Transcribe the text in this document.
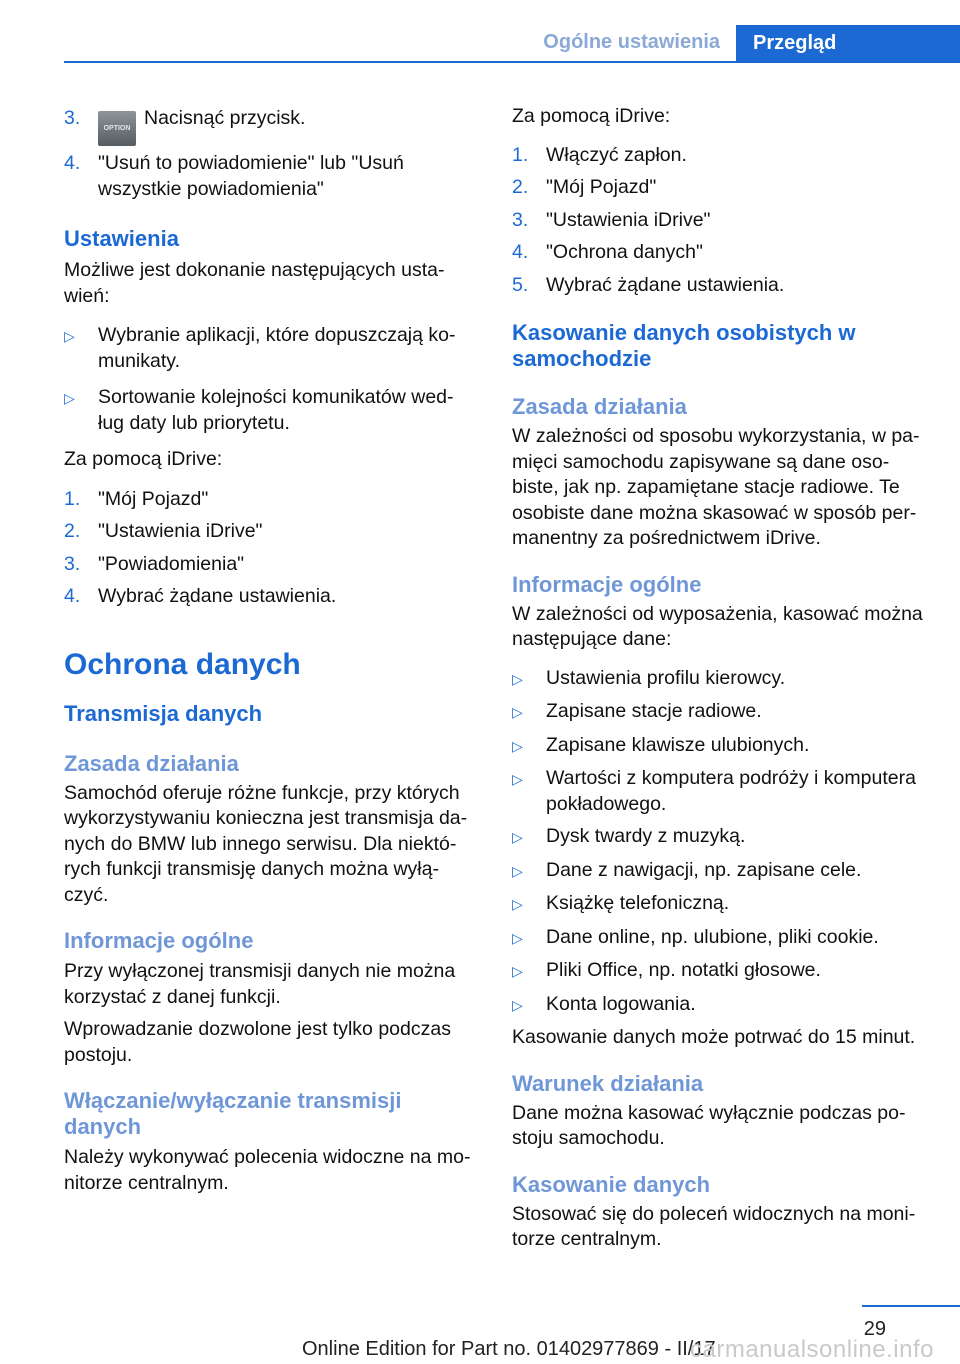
Ogólne ustawienia	Przegląd
3.	OPTION Nacisnąć przycisk.
4. "Usuń to powiadomienie" lub "Usuń wszystkie powiadomienia"
Ustawienia

Możliwe jest dokonanie następujących usta- wień:

▷	Wybranie aplikacji, które dopuszczają ko- munikaty.
▷	Sortowanie kolejności komunikatów wed- ług daty lub priorytetu.

Za pomocą iDrive:

1. "Mój Pojazd"
2. "Ustawienia iDrive"
3. "Powiadomienia"
4. Wybrać żądane ustawienia.
Ochrona danych
Transmisja danych
Zasada działania

Samochód oferuje różne funkcje, przy których wykorzystywaniu konieczna jest transmisja da- nych do BMW lub innego serwisu. Dla niektó- rych funkcji transmisję danych można wyłą- czyć.

Informacje ogólne

Przy wyłączonej transmisji danych nie można korzystać z danej funkcji.

Wprowadzanie dozwolone jest tylko podczas postoju.

Włączanie/wyłączanie transmisji danych

Należy wykonywać polecenia widoczne na mo- nitorze centralnym.

Za pomocą iDrive:

1. Włączyć zapłon.
2. "Mój Pojazd"
3. "Ustawienia iDrive"
4. "Ochrona danych"
5. Wybrać żądane ustawienia.
Kasowanie danych osobistych w samochodzie
Zasada działania

W zależności od sposobu wykorzystania, w pa- mięci samochodu zapisywane są dane oso- biste, jak np. zapamiętane stacje radiowe. Te osobiste dane można skasować w sposób per- manentny za pośrednictwem iDrive.

Informacje ogólne

W zależności od wyposażenia, kasować można następujące dane:

▷	Ustawienia profilu kierowcy.
▷	Zapisane stacje radiowe.
▷	Zapisane klawisze ulubionych.
▷	Wartości z komputera podróży i komputera pokładowego.
▷	Dysk twardy z muzyką.
▷	Dane z nawigacji, np. zapisane cele.
▷	Książkę telefoniczną.
▷	Dane online, np. ulubione, pliki cookie.
▷	Pliki Office, np. notatki głosowe.
▷	Konta logowania.

Kasowanie danych może potrwać do 15 minut.

Warunek działania

Dane można kasować wyłącznie podczas po- stoju samochodu.

Kasowanie danych

Stosować się do poleceń widocznych na moni- torze centralnym.

29
Online Edition for Part no. 01402977869 - II/17
carmanualsonline.info
